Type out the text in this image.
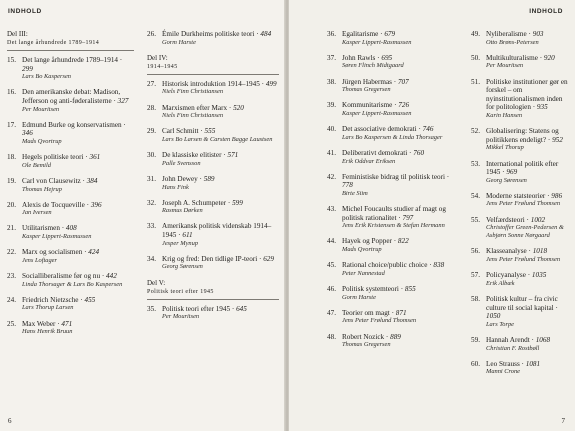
INDHOLD
Del III:
Det lange århundrede 1789–1914
15. Det lange århundrede 1789–1914 · 299
Lars Bo Kaspersen
16. Den amerikanske debat: Madison, Jefferson og anti-føderalisterne · 327
Per Mouritsen
17. Edmund Burke og konservatismen · 346
Mads Qvortrup
18. Hegels politiske teori · 361
Ole Bemild
19. Carl von Clausewitz · 384
Thomas Hejrup
20. Alexis de Tocqueville · 396
Jan Iversen
21. Utilitarismen · 408
Kasper Lippert-Rasmussen
22. Marx og socialismen · 424
Jens Loftager
23. Socialliberalisme før og nu · 442
Linda Thorsager & Lars Bo Kaspersen
24. Friedrich Nietzsche · 455
Lars Thorup Larsen
25. Max Weber · 471
Hans Henrik Bruun
26. Émile Durkheims politiske teori · 484
Gorm Harste
Del IV:
1914–1945
27. Historisk introduktion 1914–1945 · 499
Niels Finn Christiansen
28. Marxismen efter Marx · 520
Niels Finn Christiansen
29. Carl Schmitt · 555
Lars Bo Larsen & Carsten Bagge Laustsen
30. De klassiske elitister · 571
Palle Svensson
31. John Dewey · 589
Hans Fink
32. Joseph A. Schumpeter · 599
Rasmus Dørken
33. Amerikansk politisk videnskab 1914–1945 · 611
Jesper Mynup
34. Krig og fred: Den tidlige IP-teori · 629
Georg Sørensen
Del V:
Politisk teori efter 1945
35. Politisk teori efter 1945 · 645
Per Mouritsen
6
INDHOLD
36. Egalitarisme · 679
Kasper Lippert-Rasmussen
37. John Rawls · 695
Søren Flinch Midtgaard
38. Jürgen Habermas · 707
Thomas Gregersen
39. Kommunitarisme · 726
Kasper Lippert-Rasmussen
40. Det associative demokrati · 746
Lars Bo Kaspersen & Linda Thorsager
41. Deliberativt demokrati · 760
Erik Oddvar Eriksen
42. Feministiske bidrag til politisk teori · 778
Birte Siim
43. Michel Foucaults studier af magt og politisk rationalitet · 797
Jens Erik Kristensen & Stefan Hermann
44. Hayek og Popper · 822
Mads Qvortrup
45. Rational choice/public choice · 838
Peter Nannestad
46. Politisk systemteori · 855
Gorm Harste
47. Teorier om magt · 871
Jens Peter Frølund Thomsen
48. Robert Nozick · 889
Thomas Gregersen
49. Nyliberalisme · 903
Otto Brøns-Petersen
50. Multikulturalisme · 920
Per Mouritsen
51. Politiske institutioner gør en forskel – om nyinstitutionalismen inden for politologien · 935
Karin Hansen
52. Globalisering: Statens og politikkens endeligt? · 952
Mikkel Thorup
53. International politik efter 1945 · 969
Georg Sørensen
54. Moderne statsteorier · 986
Jens Peter Frølund Thomsen
55. Velfærdsteori · 1002
Christoffer Green-Pedersen & Asbjørn Sonne Nørgaard
56. Klasseanalyse · 1018
Jens Peter Frølund Thomsen
57. Policyanalyse · 1035
Erik Albæk
58. Politisk kultur – fra civic culture til social kapital · 1050
Lars Torpe
59. Hannah Arendt · 1068
Christian F. Rostbøll
60. Leo Strauss · 1081
Manni Crone
7
